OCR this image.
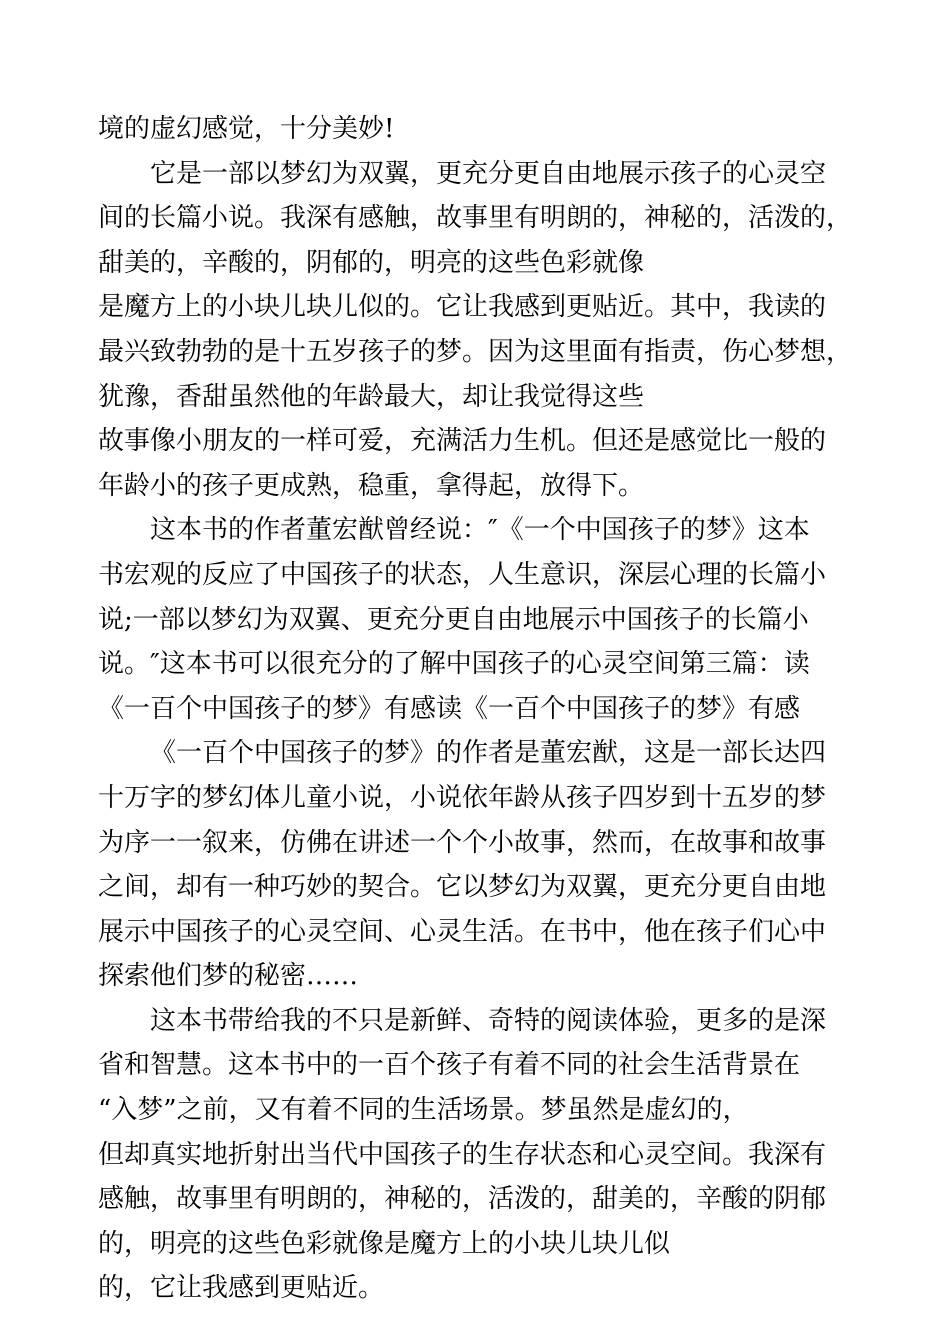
境的虚幻感觉，十分美妙!
它是一部以梦幻为双翼，更充分更自由地展示孩子的心灵空
间的长篇小说。我深有感触，故事里有明朗的，神秘的，活泼的，
甜美的，辛酸的，阴郁的，明亮的这些色彩就像
是魔方上的小块儿块儿似的。它让我感到更贴近。其中，我读的
最兴致勃勃的是十五岁孩子的梦。因为这里面有指责，伤心梦想，
犹豫，香甜虽然他的年龄最大，却让我觉得这些
故事像小朋友的一样可爱，充满活力生机。但还是感觉比一般的
年龄小的孩子更成熟，稳重，拿得起，放得下。
这本书的作者董宏猷曾经说：″《一个中国孩子的梦》这本
书宏观的反应了中国孩子的状态，人生意识，深层心理的长篇小
说;一部以梦幻为双翼、更充分更自由地展示中国孩子的长篇小
说。″这本书可以很充分的了解中国孩子的心灵空间第三篇：读
《一百个中国孩子的梦》有感读《一百个中国孩子的梦》有感
《一百个中国孩子的梦》的作者是董宏猷，这是一部长达四
十万字的梦幻体儿童小说，小说依年龄从孩子四岁到十五岁的梦
为序一一叙来，仿佛在讲述一个个小故事，然而，在故事和故事
之间，却有一种巧妙的契合。它以梦幻为双翼，更充分更自由地
展示中国孩子的心灵空间、心灵生活。在书中，他在孩子们心中
探索他们梦的秘密……
这本书带给我的不只是新鲜、奇特的阅读体验，更多的是深
省和智慧。这本书中的一百个孩子有着不同的社会生活背景在
“入梦”之前，又有着不同的生活场景。梦虽然是虚幻的，
但却真实地折射出当代中国孩子的生存状态和心灵空间。我深有
感触，故事里有明朗的，神秘的，活泼的，甜美的，辛酸的阴郁
的，明亮的这些色彩就像是魔方上的小块儿块儿似
的，它让我感到更贴近。
